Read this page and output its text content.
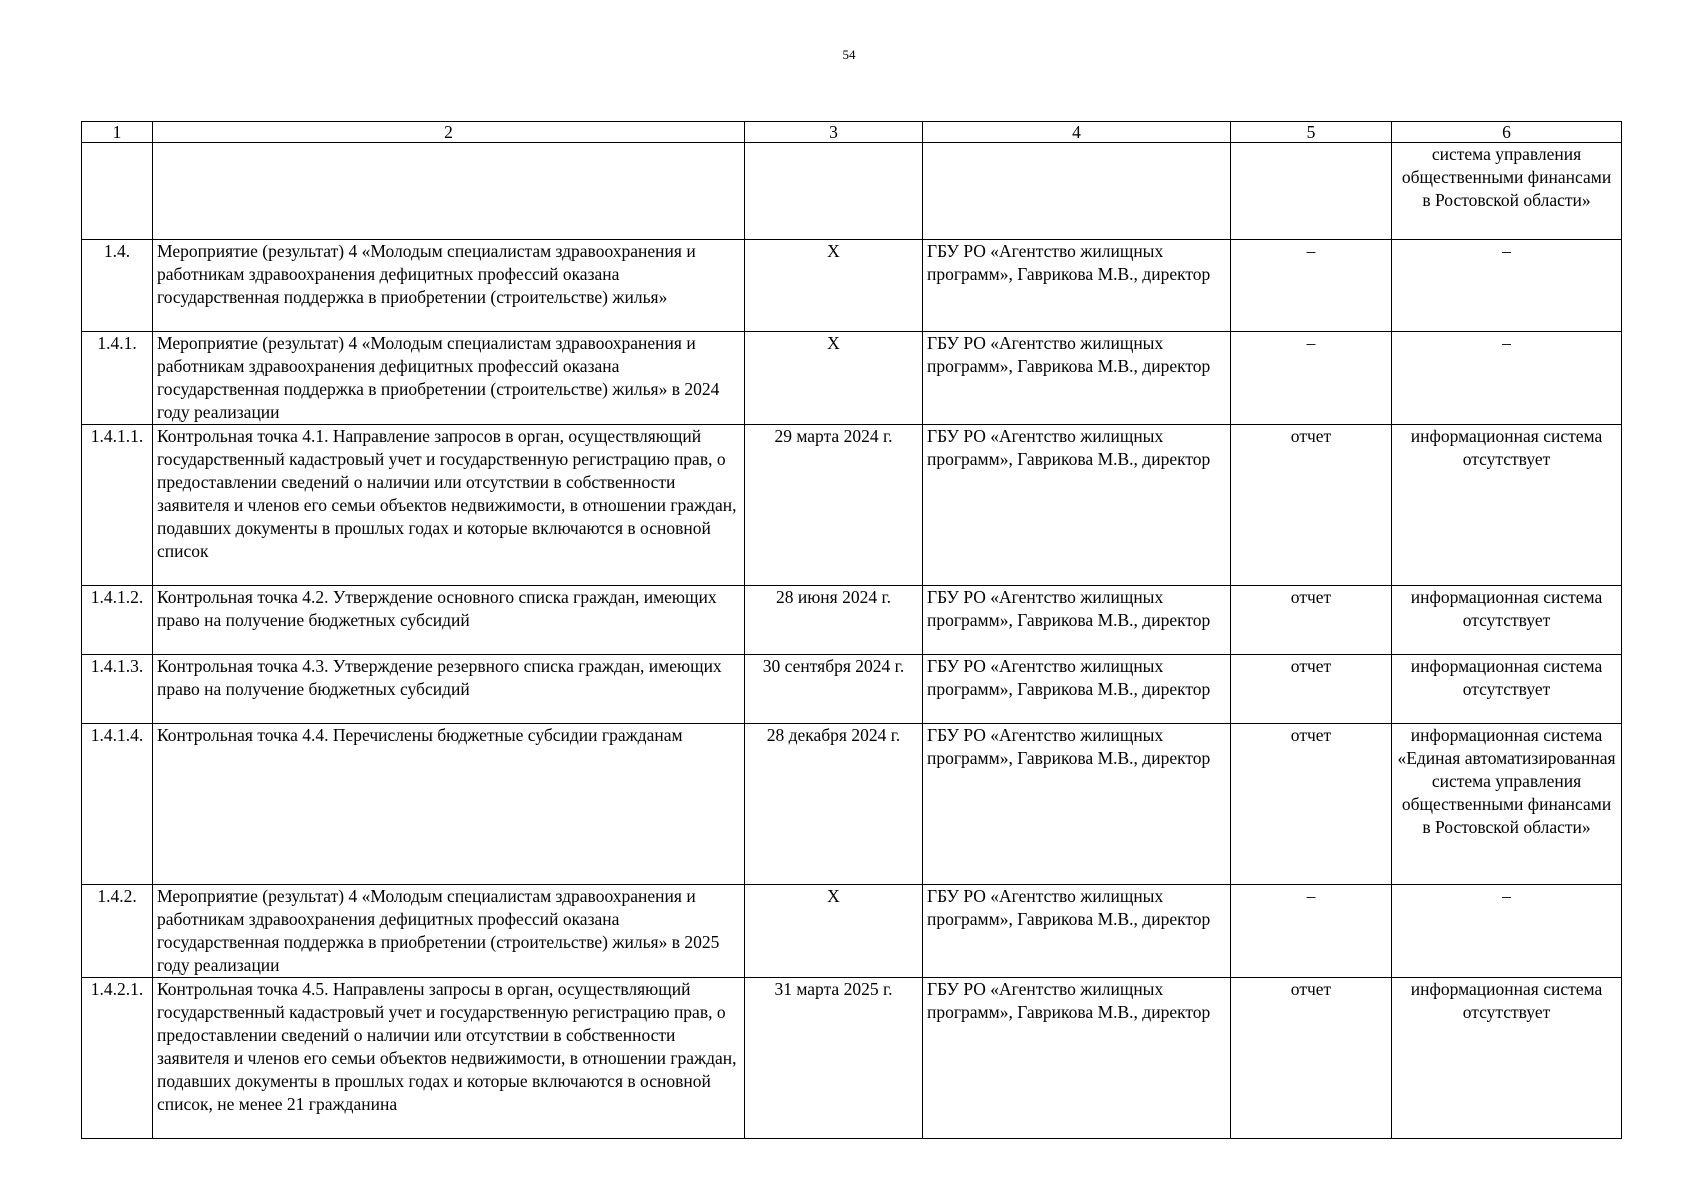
54
1	2	3	4	5	6
					система управления общественными финансами в Ростовской области»
1.4.	Мероприятие (результат) 4 «Молодым специалистам здравоохранения и работникам здравоохранения дефицитных профессий оказана государственная поддержка в приобретении (строительстве) жилья»	Х	ГБУ РО «Агентство жилищных программ», Гаврикова М.В., директор	–	–
1.4.1.	Мероприятие (результат) 4 «Молодым специалистам здравоохранения и работникам здравоохранения дефицитных профессий оказана государственная поддержка в приобретении (строительстве) жилья» в 2024 году реализации	Х	ГБУ РО «Агентство жилищных программ», Гаврикова М.В., директор	–	–
1.4.1.1.	Контрольная точка 4.1. Направление запросов в орган, осуществляющий государственный кадастровый учет и государственную регистрацию прав, о предоставлении сведений о наличии или отсутствии в собственности заявителя и членов его семьи объектов недвижимости, в отношении граждан, подавших документы в прошлых годах и которые включаются в основной список	29 марта 2024 г.	ГБУ РО «Агентство жилищных программ», Гаврикова М.В., директор	отчет	информационная система отсутствует
1.4.1.2.	Контрольная точка 4.2. Утверждение основного списка граждан, имеющих право на получение бюджетных субсидий	28 июня 2024 г.	ГБУ РО «Агентство жилищных программ», Гаврикова М.В., директор	отчет	информационная система отсутствует
1.4.1.3.	Контрольная точка 4.3. Утверждение резервного списка граждан, имеющих право на получение бюджетных субсидий	30 сентября 2024 г.	ГБУ РО «Агентство жилищных программ», Гаврикова М.В., директор	отчет	информационная система отсутствует
1.4.1.4.	Контрольная точка 4.4. Перечислены бюджетные субсидии гражданам	28 декабря 2024 г.	ГБУ РО «Агентство жилищных программ», Гаврикова М.В., директор	отчет	информационная система «Единая автоматизированная система управления общественными финансами в Ростовской области»
1.4.2.	Мероприятие (результат) 4 «Молодым специалистам здравоохранения и работникам здравоохранения дефицитных профессий оказана государственная поддержка в приобретении (строительстве) жилья» в 2025 году реализации	Х	ГБУ РО «Агентство жилищных программ», Гаврикова М.В., директор	–	–
1.4.2.1.	Контрольная точка 4.5. Направлены запросы в орган, осуществляющий государственный кадастровый учет и государственную регистрацию прав, о предоставлении сведений о наличии или отсутствии в собственности заявителя и членов его семьи объектов недвижимости, в отношении граждан, подавших документы в прошлых годах и которые включаются в основной список, не менее 21 гражданина	31 марта 2025 г.	ГБУ РО «Агентство жилищных программ», Гаврикова М.В., директор	отчет	информационная система отсутствует
